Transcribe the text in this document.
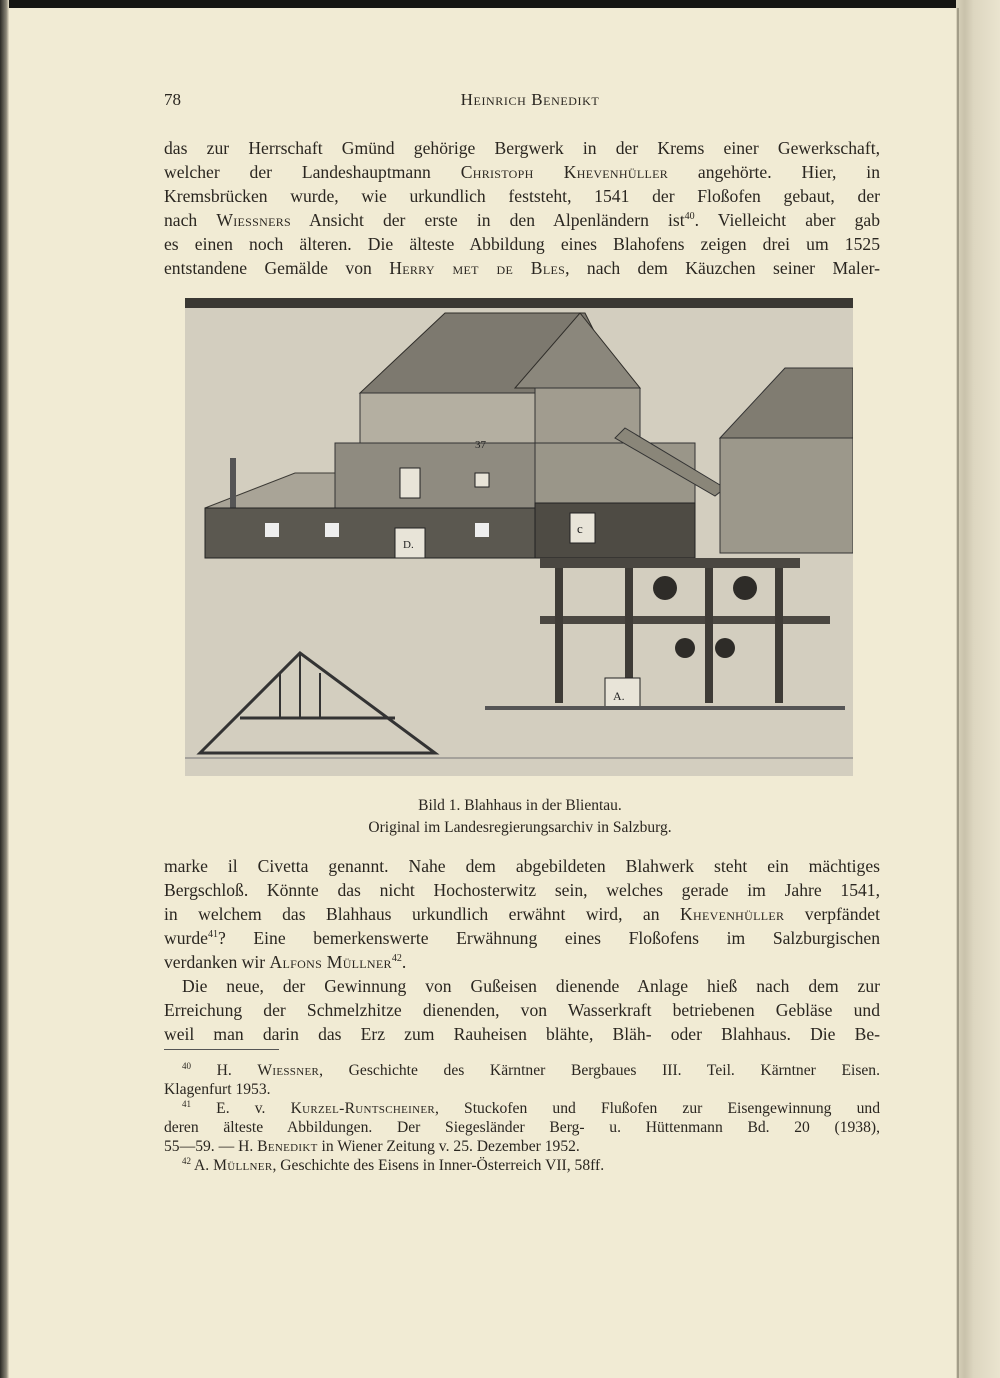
78	Heinrich Benedikt
das zur Herrschaft Gmünd gehörige Bergwerk in der Krems einer Gewerkschaft,
welcher der Landeshauptmann Christoph Khevenhüller angehörte. Hier, in
Kremsbrücken wurde, wie urkundlich feststeht, 1541 der Floßofen gebaut, der
nach Wiessners Ansicht der erste in den Alpenländern ist$^{40}$. Vielleicht aber gab
es einen noch älteren. Die älteste Abbildung eines Blahofens zeigen drei um 1525
entstandene Gemälde von Herry met de Bles, nach dem Käuzchen seiner Maler-
37
D.
c
A.
Bild 1. Blahhaus in der Blientau.
Original im Landesregierungsarchiv in Salzburg.
marke il Civetta genannt. Nahe dem abgebildeten Blahwerk steht ein mächtiges
Bergschloß. Könnte das nicht Hochosterwitz sein, welches gerade im Jahre 1541,
in welchem das Blahhaus urkundlich erwähnt wird, an Khevenhüller verpfändet
wurde$^{41}$? Eine bemerkenswerte Erwähnung eines Floßofens im Salzburgischen
verdanken wir Alfons Müllner$^{42}$.
Die neue, der Gewinnung von Gußeisen dienende Anlage hieß nach dem zur
Erreichung der Schmelzhitze dienenden, von Wasserkraft betriebenen Gebläse und
weil man darin das Erz zum Rauheisen blähte, Bläh- oder Blahhaus. Die Be-
$^{40}$ H. Wiessner, Geschichte des Kärntner Bergbaues III. Teil. Kärntner Eisen.
Klagenfurt 1953.
$^{41}$ E. v. Kurzel-Runtscheiner, Stuckofen und Flußofen zur Eisengewinnung und
deren älteste Abbildungen. Der Siegesländer Berg- u. Hüttenmann Bd. 20 (1938),
55—59. — H. Benedikt in Wiener Zeitung v. 25. Dezember 1952.
$^{42}$ A. Müllner, Geschichte des Eisens in Inner-Österreich VII, 58ff.
